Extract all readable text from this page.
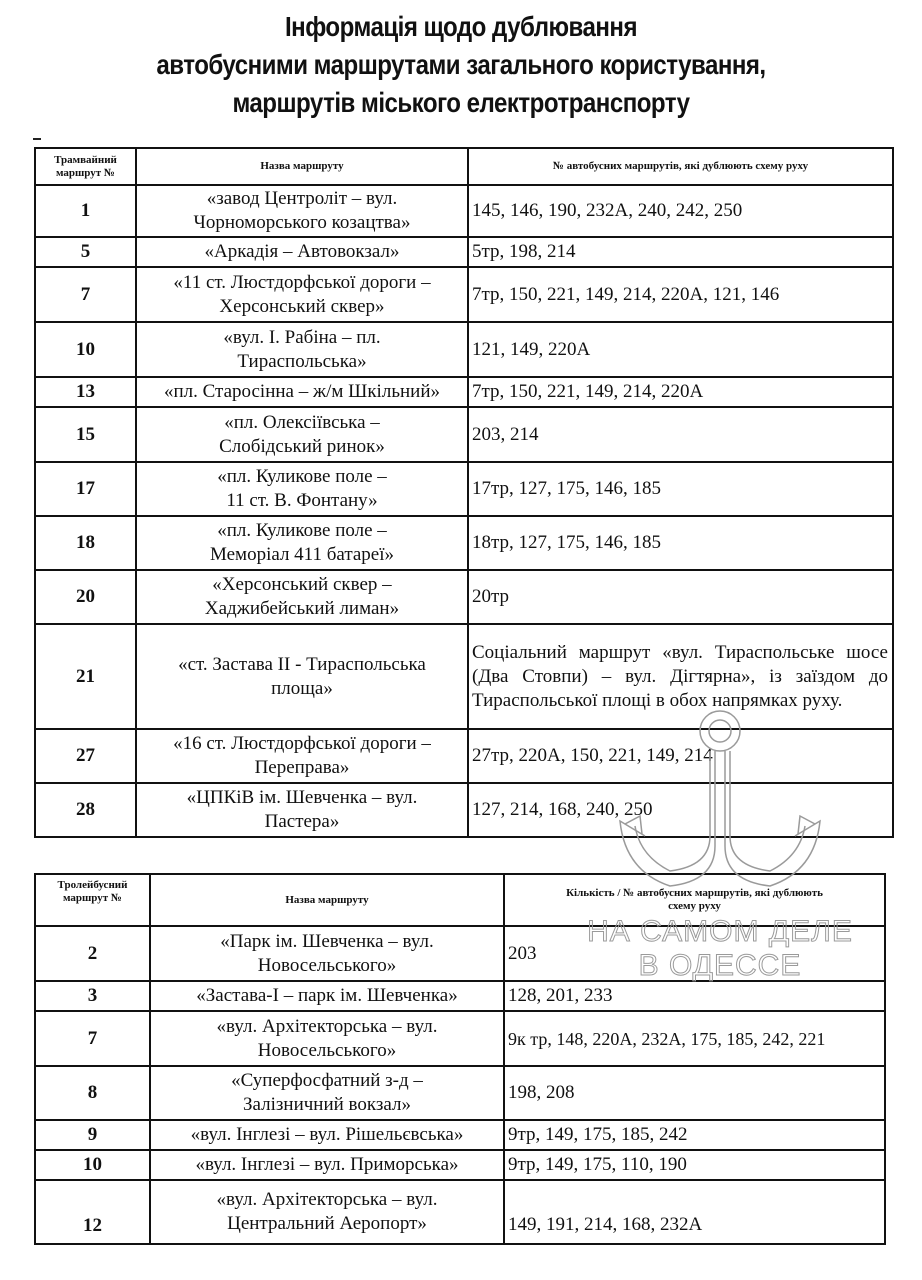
Інформація щодо дублювання
автобусними маршрутами загального користування,
маршрутів міського електротранспорту
Трамвайний маршрут №	Назва маршруту	№ автобусних маршрутів, які дублюють схему руху
1	«завод Центроліт – вул. Чорноморського козацтва»	145, 146, 190, 232А, 240, 242, 250
5	«Аркадія – Автовокзал»	5тр, 198, 214
7	«11 ст. Люстдорфської дороги – Херсонський сквер»	7тр, 150, 221, 149, 214, 220А, 121, 146
10	«вул. І. Рабіна – пл. Тираспольська»	121, 149, 220А
13	«пл. Старосінна – ж/м Шкільний»	7тр, 150, 221, 149, 214, 220А
15	«пл. Олексіївська – Слобідський ринок»	203, 214
17	«пл. Куликове поле – 11 ст. В. Фонтану»	17тр, 127, 175, 146, 185
18	«пл. Куликове поле – Меморіал 411 батареї»	18тр, 127, 175, 146, 185
20	«Херсонський сквер – Хаджибейський лиман»	20тр
21	«ст. Застава ІІ - Тираспольська площа»	Соціальний маршрут «вул. Тираспольське шосе (Два Стовпи) – вул. Дігтярна», із заїздом до Тираспольської площі в обох напрямках руху.
27	«16 ст. Люстдорфської дороги – Переправа»	27тр, 220А, 150, 221, 149, 214
28	«ЦПКіВ ім. Шевченка – вул. Пастера»	127, 214, 168, 240, 250
Тролейбусний маршрут №	Назва маршруту	Кількість / № автобусних маршрутів, які дублюють схему руху
2	«Парк ім. Шевченка – вул. Новосельського»	203
3	«Застава-І – парк ім. Шевченка»	128, 201, 233
7	«вул. Архітекторська – вул. Новосельського»	9к тр, 148, 220А, 232А, 175, 185, 242, 221
8	«Суперфосфатний з-д – Залізничний вокзал»	198, 208
9	«вул. Інглезі – вул. Рішельєвська»	9тр, 149, 175, 185, 242
10	«вул. Інглезі – вул. Приморська»	9тр, 149, 175, 110, 190
12	«вул. Архітекторська – вул. Центральний Аеропорт»	149, 191, 214, 168, 232А
НА САМОМ ДЕЛЕ
В ОДЕССЕ
